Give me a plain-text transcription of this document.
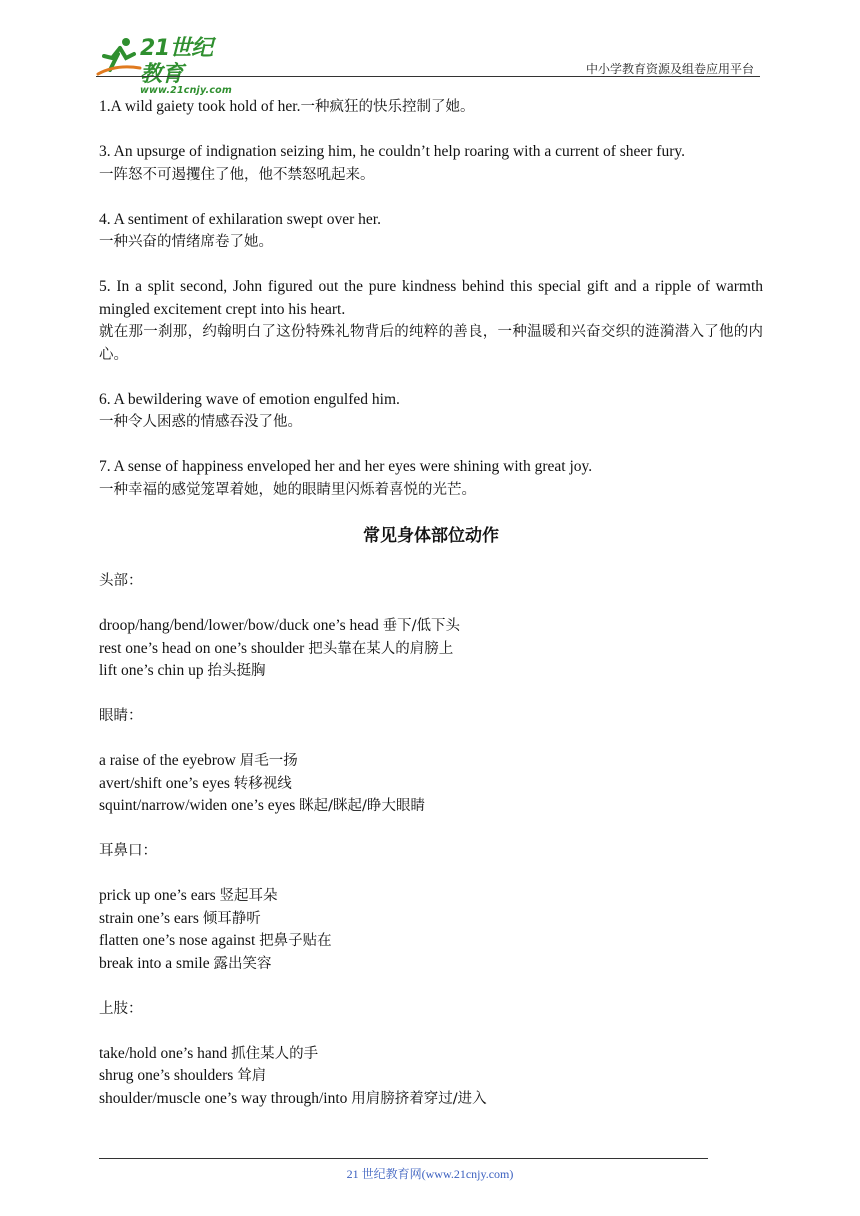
21世纪教育
www.21cnjy.com
中小学教育资源及组卷应用平台

1.A wild gaiety took hold of her.一种疯狂的快乐控制了她。

3. An upsurge of indignation seizing him, he couldn’t help roaring with a current of sheer fury.

一阵怒不可遏攫住了他，他不禁怒吼起来。

4. A sentiment of exhilaration swept over her.

一种兴奋的情绪席卷了她。

5. In a split second, John figured out the pure kindness behind this special gift and a ripple of warmth mingled excitement crept into his heart.

就在那一刹那，约翰明白了这份特殊礼物背后的纯粹的善良，一种温暖和兴奋交织的涟漪潜入了他的内心。

6. A bewildering wave of emotion engulfed him.

一种令人困惑的情感吞没了他。

7. A sense of happiness enveloped her and her eyes were shining with great joy.

一种幸福的感觉笼罩着她，她的眼睛里闪烁着喜悦的光芒。

常见身体部位动作

头部：

droop/hang/bend/lower/bow/duck one’s head 垂下/低下头

rest one’s head on one’s shoulder 把头靠在某人的肩膀上

lift one’s chin up 抬头挺胸

眼睛：

a raise of the eyebrow 眉毛一扬

avert/shift one’s eyes 转移视线

squint/narrow/widen one’s eyes 眯起/眯起/睁大眼睛

耳鼻口：

prick up one’s ears 竖起耳朵

strain one’s ears 倾耳静听

flatten one’s nose against 把鼻子贴在

break into a smile 露出笑容

上肢：

take/hold one’s hand 抓住某人的手

shrug one’s shoulders 耸肩

shoulder/muscle one’s way through/into 用肩膀挤着穿过/进入

21 世纪教育网(www.21cnjy.com)
